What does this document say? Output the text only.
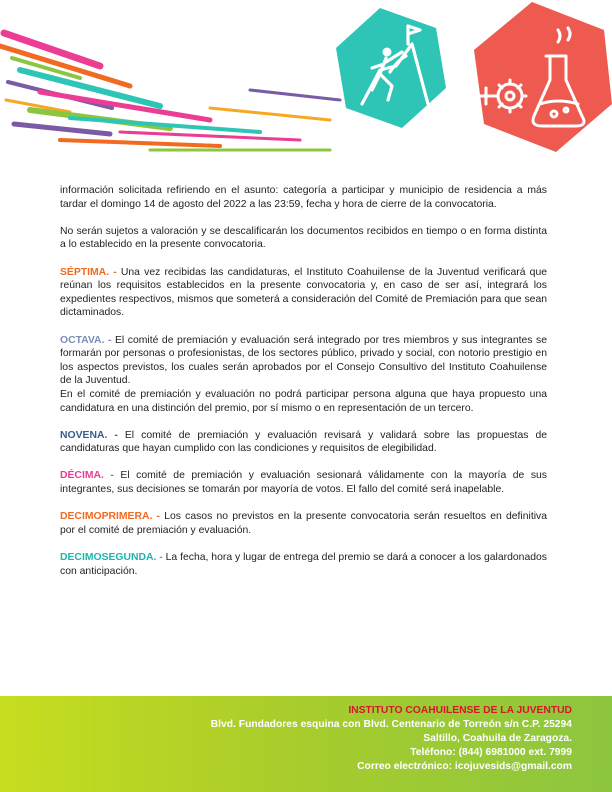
información solicitada refiriendo en el asunto: categoría a participar y municipio de residencia a más tardar el domingo 14 de agosto del 2022 a las 23:59, fecha y hora de cierre de la convocatoria.

No serán sujetos a valoración y se descalificarán los documentos recibidos en tiempo o en forma distinta a lo establecido en la presente convocatoria.

SÉPTIMA. - Una vez recibidas las candidaturas, el Instituto Coahuilense de la Juventud verificará que reúnan los requisitos establecidos en la presente convocatoria y, en caso de ser así, integrará los expedientes respectivos, mismos que someterá a consideración del Comité de Premiación para que sean dictaminados.

OCTAVA. - El comité de premiación y evaluación será integrado por tres miembros y sus integrantes se formarán por personas o profesionistas, de los sectores público, privado y social, con notorio prestigio en los aspectos previstos, los cuales serán aprobados por el Consejo Consultivo del Instituto Coahuilense de la Juventud.

En el comité de premiación y evaluación no podrá participar persona alguna que haya propuesto una candidatura en una distinción del premio, por sí mismo o en representación de un tercero.

NOVENA. - El comité de premiación y evaluación revisará y validará sobre las propuestas de candidaturas que hayan cumplido con las condiciones y requisitos de elegibilidad.

DÉCIMA. - El comité de premiación y evaluación sesionará válidamente con la mayoría de sus integrantes, sus decisiones se tomarán por mayoría de votos. El fallo del comité será inapelable.

DECIMOPRIMERA. - Los casos no previstos en la presente convocatoria serán resueltos en definitiva por el comité de premiación y evaluación.

DECIMOSEGUNDA. - La fecha, hora y lugar de entrega del premio se dará a conocer a los galardonados con anticipación.

INSTITUTO COAHUILENSE DE LA JUVENTUD
Blvd. Fundadores esquina con Blvd. Centenario de Torreón s/n C.P. 25294
Saltillo, Coahuila de Zaragoza.
Teléfono: (844) 6981000 ext. 7999
Correo electrónico: icojuvesids@gmail.com
